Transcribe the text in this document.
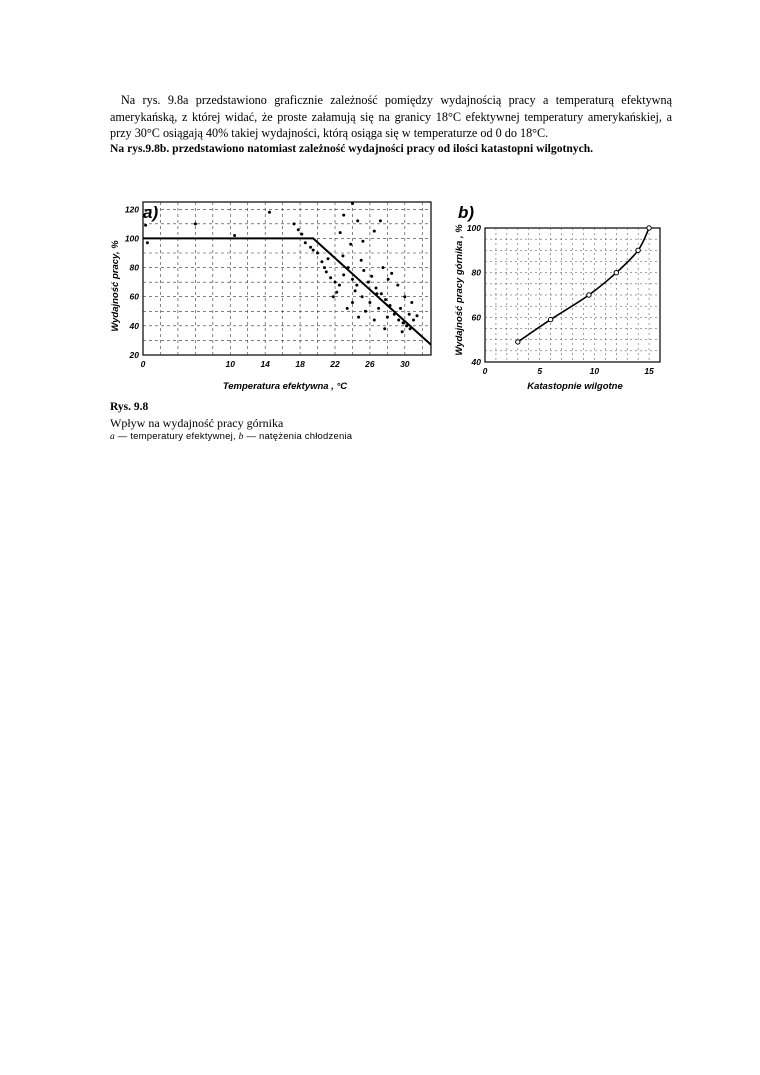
Na rys. 9.8a przedstawiono graficznie zależność pomiędzy wydajnością pracy a temperaturą efektywną amerykańską, z której widać, że proste załamują się na granicy 18°C efektywnej temperatury amerykańskiej, a przy 30°C osiągają 40% takiej wydajności, którą osiąga się w temperaturze od 0 do 18°C.
Na rys.9.8b. przedstawiono natomiast zależność wydajności pracy od ilości katastopni wilgotnych.
0	10	14	18	22	26	30
20
40
60
80
100
120 a)
Temperatura efektywna , °C
Wydajność pracy, %
0	5	10	15
40
60
80
100
b)
Katastopnie wilgotne
Wydajność pracy górnika , %
Rys. 9.8
Wpływ na wydajność pracy górnika
a — temperatury efektywnej, b — natężenia chłodzenia
